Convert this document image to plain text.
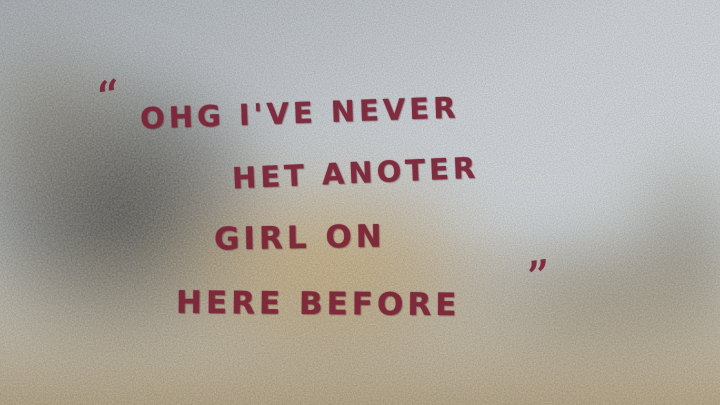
“ OHG I'VE NEVER
HET ANOTER
GIRL ON
HERE BEFORE
”
